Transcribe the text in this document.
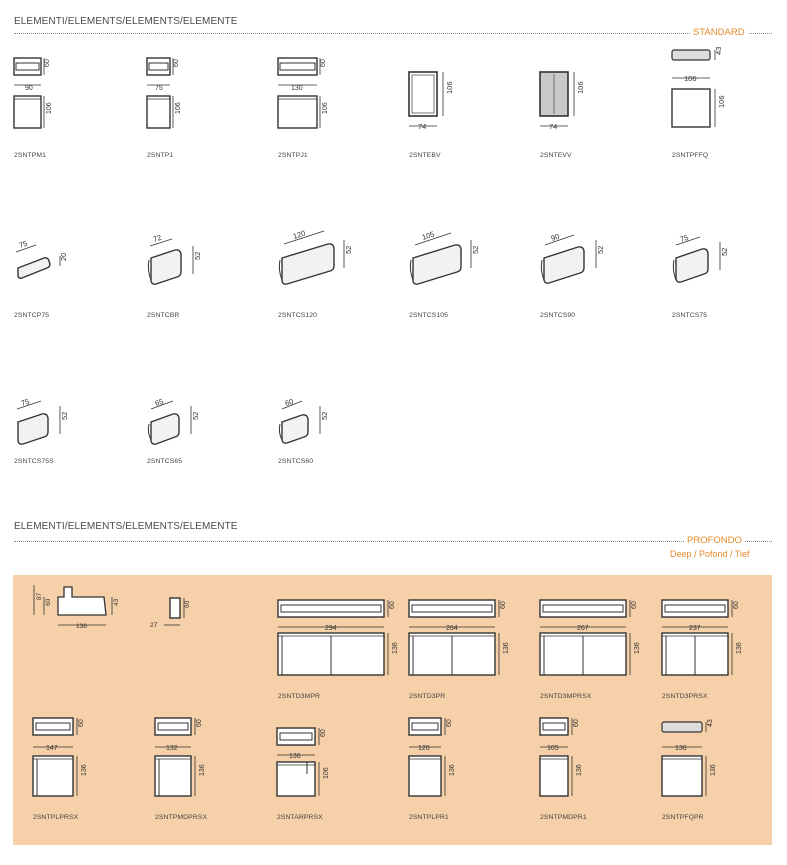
ELEMENTI/ELEMENTS/ELEMENTS/ELEMENTE
STANDARD
60
90
106
2SNTPM1
60
75
106
2SNTP1
60
130
106
2SNTPJ1
106
74
2SNTEBV
106
74
2SNTEVV
43
106
106
2SNTPFFQ
75
20
2SNTCP75
72
52
2SNTCBR
120
52
2SNTCS120
105
52
2SNTCS105
90
52
2SNTCS90
75
52
2SNTCS75
75
52
2SNTCS75S
65
52
2SNTCS65
60
52
2SNTCS60
ELEMENTI/ELEMENTS/ELEMENTS/ELEMENTE
PROFONDO
Deep / Pofond / Tief
87
60	43
136
60
27
60
294
136
2SNTD3MPR
60
264
136
2SNTD3PR
60
267
136
2SNTD3MPRSX
60
237
136
2SNTD3PRSX
60
147
136
2SNTPLPRSX
60
132
136
2SNTPMDPRSX
60
136
106
2SNTARPRSX
60
120
136
2SNTPLPR1
60
105
136
2SNTPMDPR1
43
136
136
2SNTPFQPR
